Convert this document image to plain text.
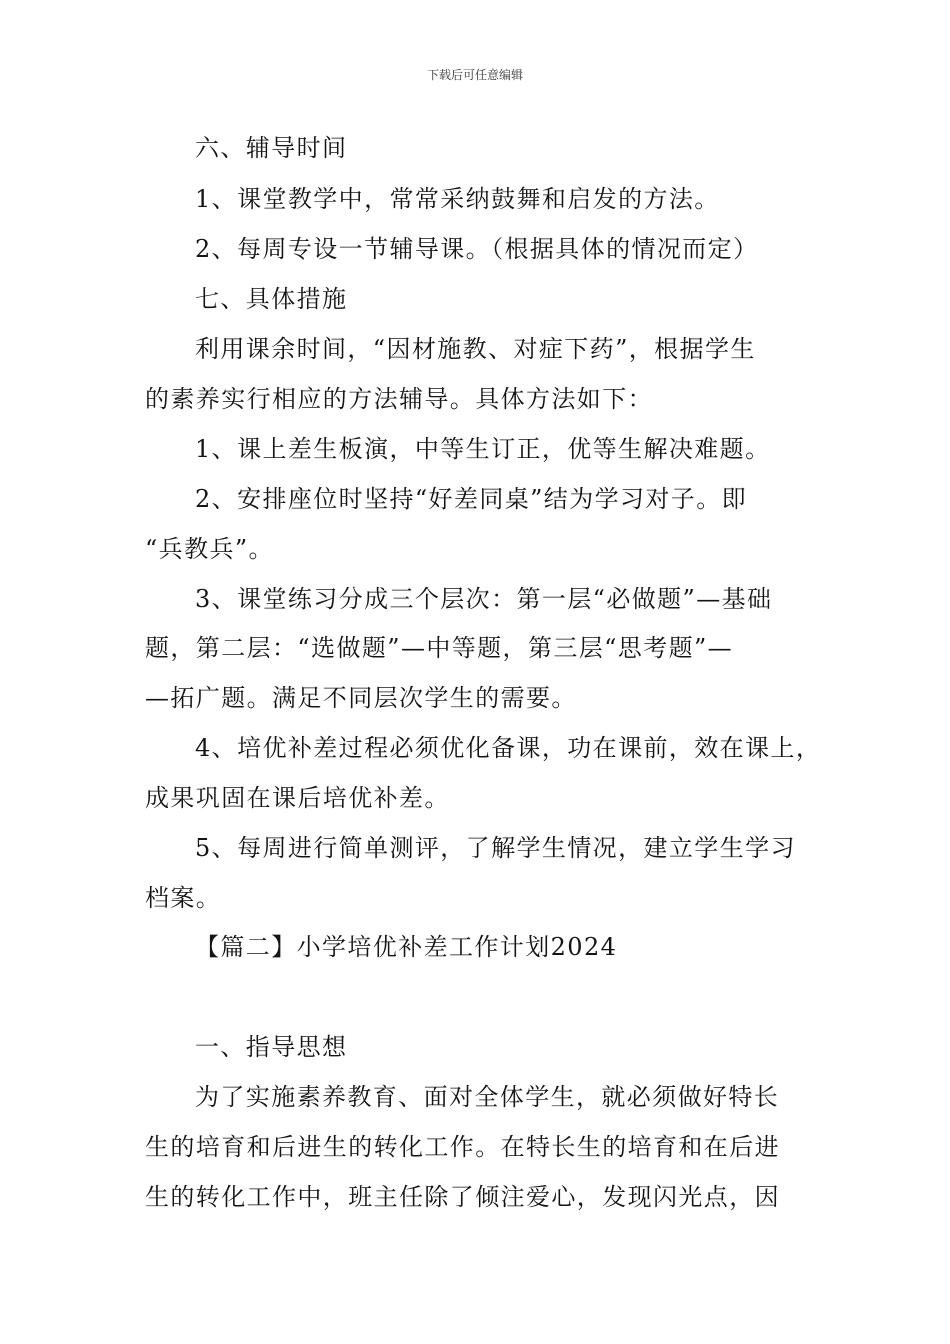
下载后可任意编辑
六、辅导时间
1、课堂教学中，常常采纳鼓舞和启发的方法。
2、每周专设一节辅导课。（根据具体的情况而定）
七、具体措施
利用课余时间，“因材施教、对症下药”，根据学生
的素养实行相应的方法辅导。具体方法如下：
1、课上差生板演，中等生订正，优等生解决难题。
2、安排座位时坚持“好差同桌”结为学习对子。即
“兵教兵”。
3、课堂练习分成三个层次：第一层“必做题”—基础
题，第二层：“选做题”—中等题，第三层“思考题”—
—拓广题。满足不同层次学生的需要。
4、培优补差过程必须优化备课，功在课前，效在课上，
成果巩固在课后培优补差。
5、每周进行简单测评，了解学生情况，建立学生学习
档案。
【篇二】小学培优补差工作计划2024
一、指导思想
为了实施素养教育、面对全体学生，就必须做好特长
生的培育和后进生的转化工作。在特长生的培育和在后进
生的转化工作中，班主任除了倾注爱心，发现闪光点，因
